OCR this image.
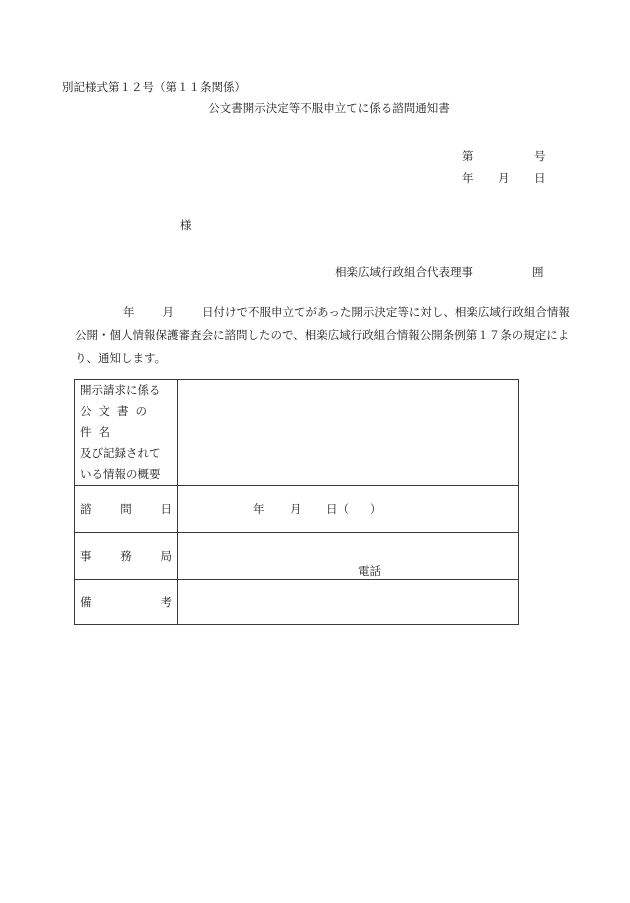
別記様式第１２号（第１１条関係）
公文書開示決定等不服申立てに係る諮問通知書
第	号
年 月 日
様
相楽広域行政組合代表理事	囲
年 月 日付けで不服申立てがあった開示決定等に対し、相楽広域行政組合情報公開・個人情報保護審査会に諮問したので、相楽広域行政組合情報公開条例第１７条の規定により、通知します。
開示請求に係る
公文書の件名
及び記録されて
いる情報の概要	

諮 問 日	年 月 日（ ）

事 務 局	電話

備 考	
